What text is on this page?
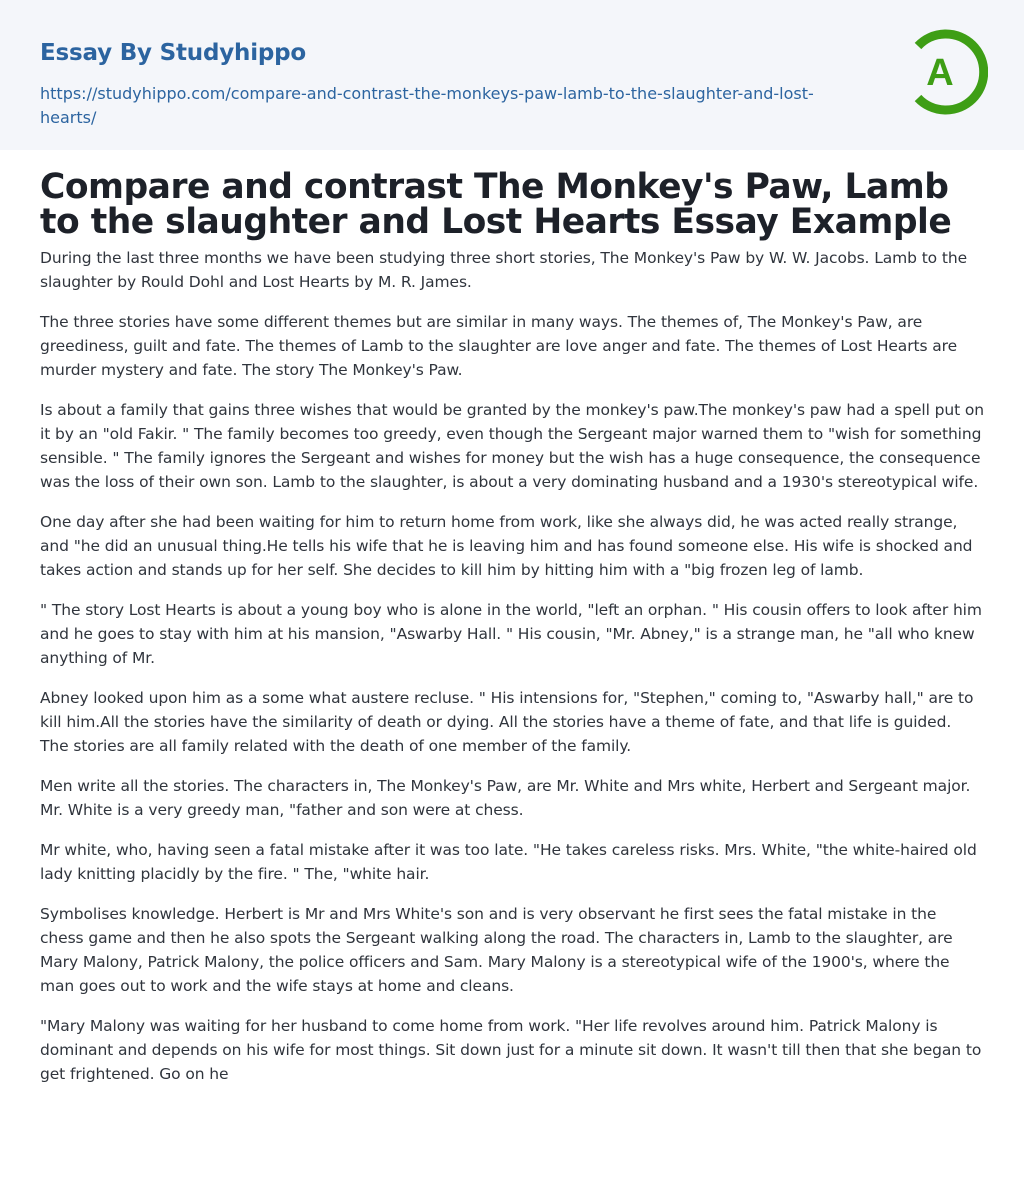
Essay By Studyhippo
https://studyhippo.com/compare-and-contrast-the-monkeys-paw-lamb-to-the-slaughter-and-lost-hearts/
A
Compare and contrast The Monkey's Paw, Lamb to the slaughter and Lost Hearts Essay Example

During the last three months we have been studying three short stories, The Monkey's Paw by W. W. Jacobs. Lamb to the slaughter by Rould Dohl and Lost Hearts by M. R. James.

The three stories have some different themes but are similar in many ways. The themes of, The Monkey's Paw, are greediness, guilt and fate. The themes of Lamb to the slaughter are love anger and fate. The themes of Lost Hearts are murder mystery and fate. The story The Monkey's Paw.

Is about a family that gains three wishes that would be granted by the monkey's paw.The monkey's paw had a spell put on it by an "old Fakir. " The family becomes too greedy, even though the Sergeant major warned them to "wish for something sensible. " The family ignores the Sergeant and wishes for money but the wish has a huge consequence, the consequence was the loss of their own son. Lamb to the slaughter, is about a very dominating husband and a 1930's stereotypical wife.

One day after she had been waiting for him to return home from work, like she always did, he was acted really strange, and "he did an unusual thing.He tells his wife that he is leaving him and has found someone else. His wife is shocked and takes action and stands up for her self. She decides to kill him by hitting him with a "big frozen leg of lamb.

" The story Lost Hearts is about a young boy who is alone in the world, "left an orphan. " His cousin offers to look after him and he goes to stay with him at his mansion, "Aswarby Hall. " His cousin, "Mr. Abney," is a strange man, he "all who knew anything of Mr.

Abney looked upon him as a some what austere recluse. " His intensions for, "Stephen," coming to, "Aswarby hall," are to kill him.All the stories have the similarity of death or dying. All the stories have a theme of fate, and that life is guided. The stories are all family related with the death of one member of the family.

Men write all the stories. The characters in, The Monkey's Paw, are Mr. White and Mrs white, Herbert and Sergeant major. Mr. White is a very greedy man, "father and son were at chess.

Mr white, who, having seen a fatal mistake after it was too late. "He takes careless risks. Mrs. White, "the white-haired old lady knitting placidly by the fire. " The, "white hair.

Symbolises knowledge. Herbert is Mr and Mrs White's son and is very observant he first sees the fatal mistake in the chess game and then he also spots the Sergeant walking along the road. The characters in, Lamb to the slaughter, are Mary Malony, Patrick Malony, the police officers and Sam. Mary Malony is a stereotypical wife of the 1900's, where the man goes out to work and the wife stays at home and cleans.

"Mary Malony was waiting for her husband to come home from work. "Her life revolves around him. Patrick Malony is dominant and depends on his wife for most things. Sit down just for a minute sit down. It wasn't till then that she began to get frightened. Go on he
